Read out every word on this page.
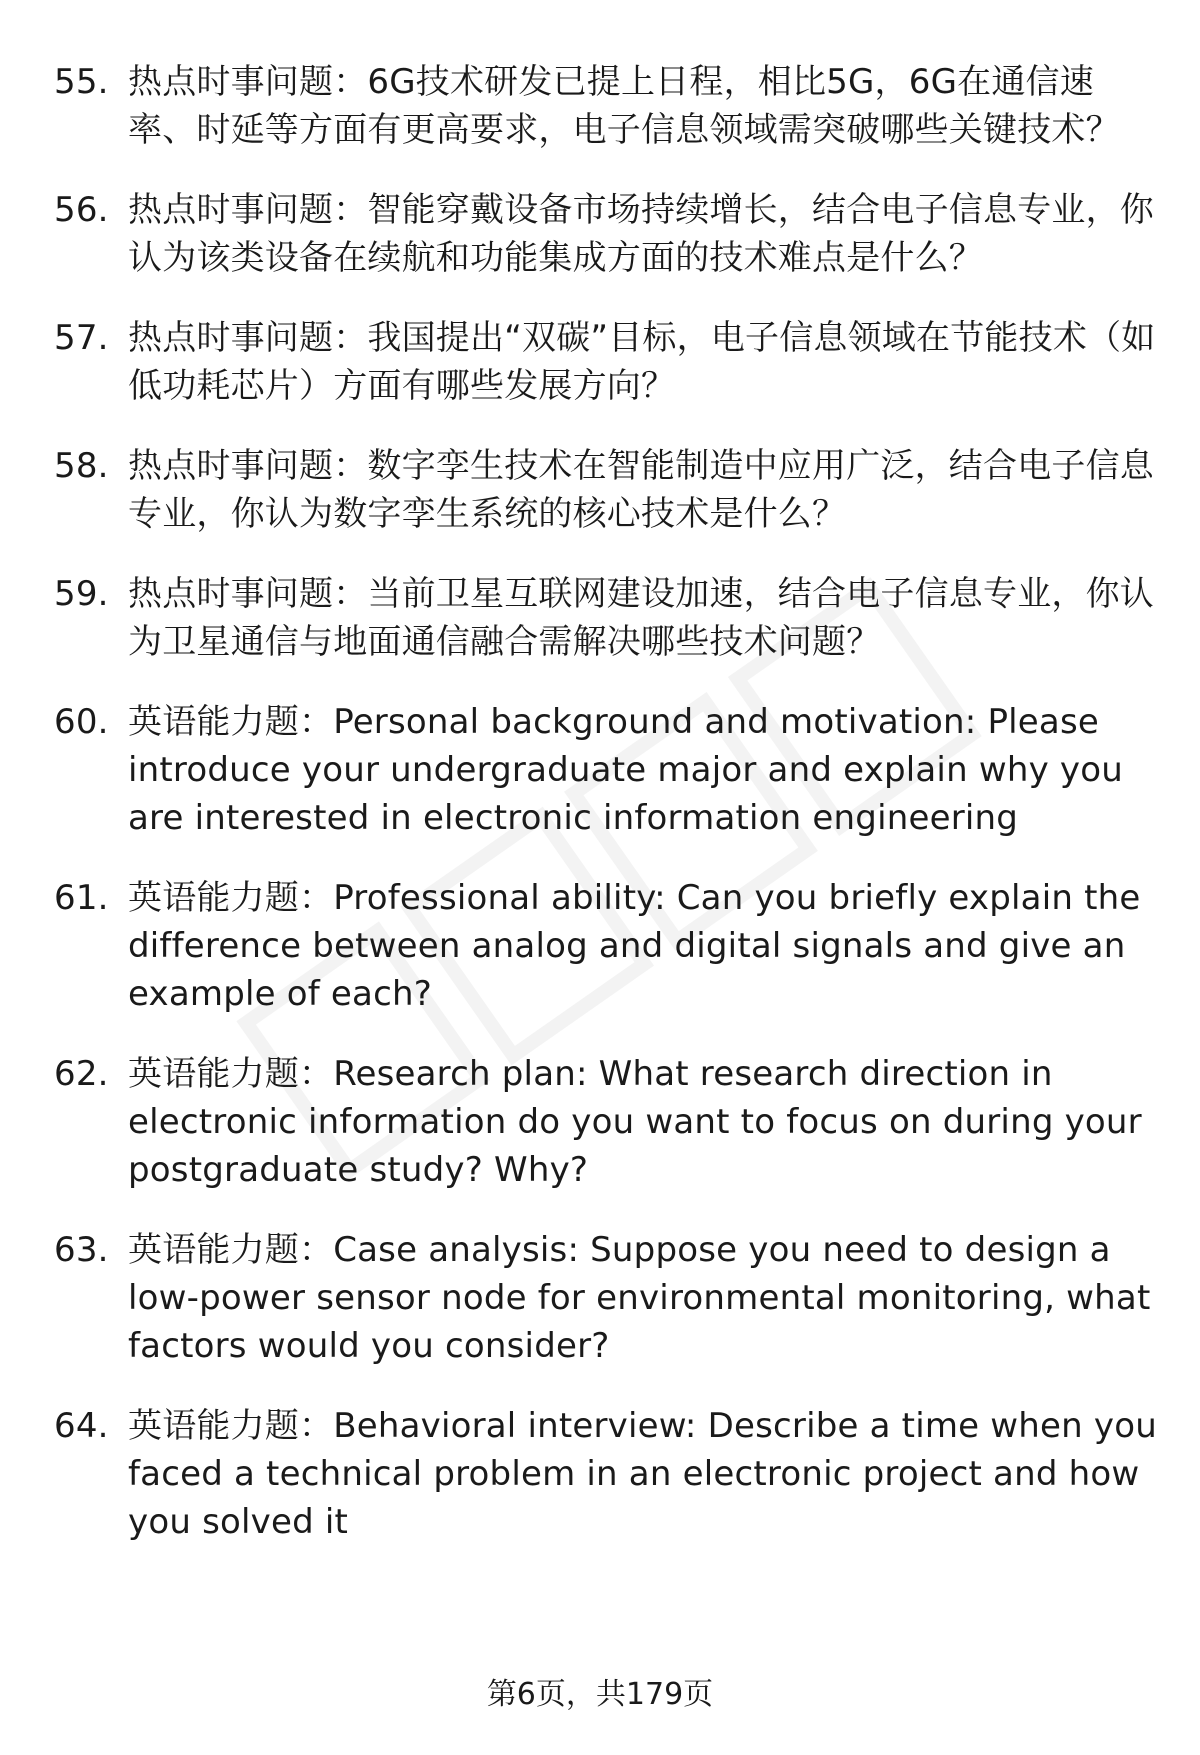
55. 热点时事问题：6G技术研发已提上日程，相比5G，6G在通信速率、时延等方面有更高要求，电子信息领域需突破哪些关键技术？
56. 热点时事问题：智能穿戴设备市场持续增长，结合电子信息专业，你认为该类设备在续航和功能集成方面的技术难点是什么？
57. 热点时事问题：我国提出“双碳”目标，电子信息领域在节能技术（如低功耗芯片）方面有哪些发展方向？
58. 热点时事问题：数字孪生技术在智能制造中应用广泛，结合电子信息专业，你认为数字孪生系统的核心技术是什么？
59. 热点时事问题：当前卫星互联网建设加速，结合电子信息专业，你认为卫星通信与地面通信融合需解决哪些技术问题？
60. 英语能力题：Personal background and motivation: Please introduce your undergraduate major and explain why you are interested in electronic information engineering
61. 英语能力题：Professional ability: Can you briefly explain the difference between analog and digital signals and give an example of each?
62. 英语能力题：Research plan: What research direction in electronic information do you want to focus on during your postgraduate study? Why?
63. 英语能力题：Case analysis: Suppose you need to design a low-power sensor node for environmental monitoring, what factors would you consider?
64. 英语能力题：Behavioral interview: Describe a time when you faced a technical problem in an electronic project and how you solved it
第6页，共179页
